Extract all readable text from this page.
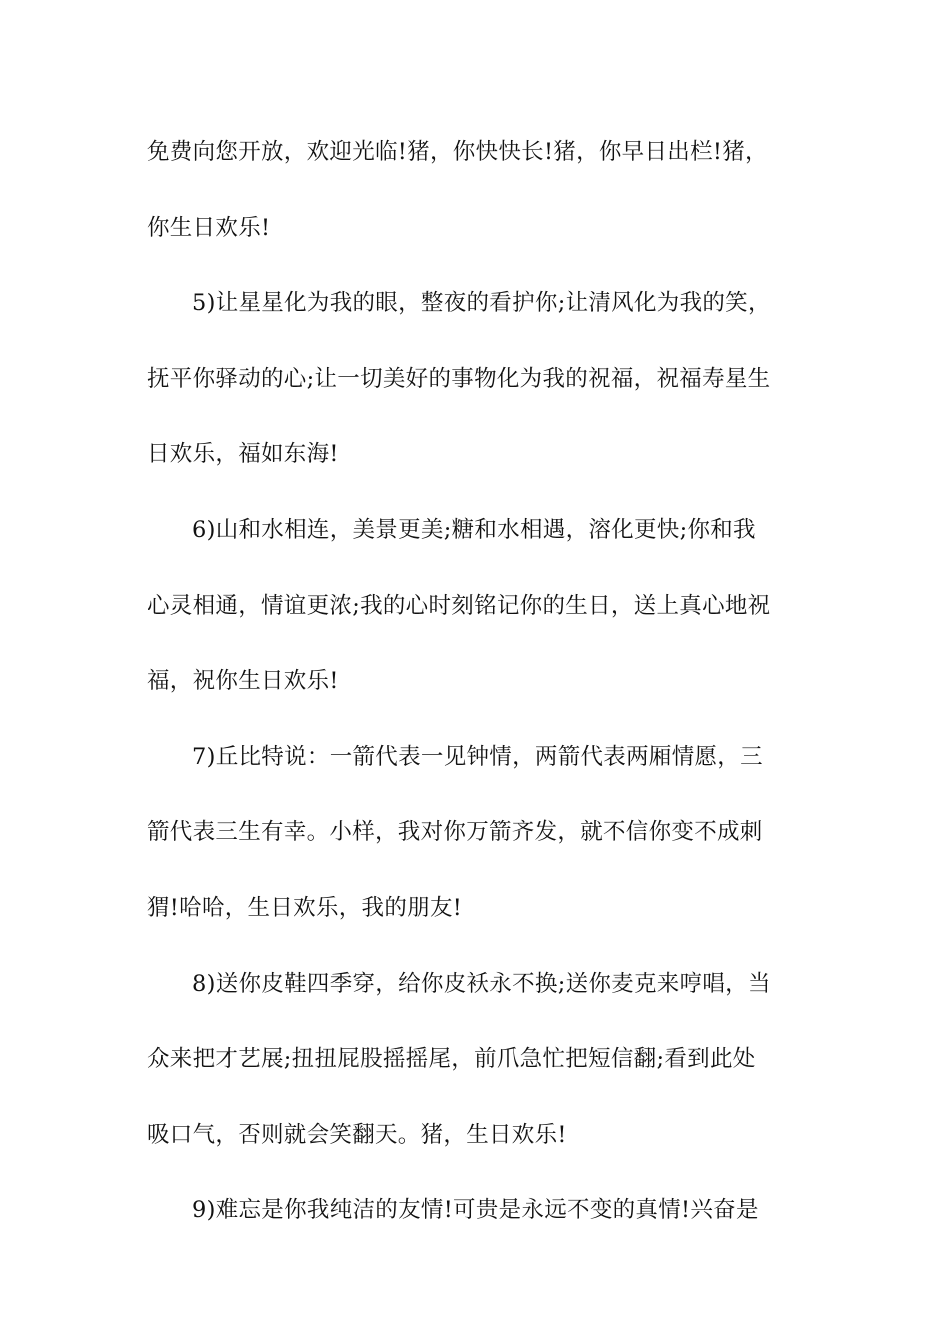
免费向您开放，欢迎光临!猪，你快快长!猪，你早日出栏!猪，
你生日欢乐!
5)让星星化为我的眼，整夜的看护你;让清风化为我的笑，
抚平你驿动的心;让一切美好的事物化为我的祝福，祝福寿星生
日欢乐，福如东海!
6)山和水相连，美景更美;糖和水相遇，溶化更快;你和我
心灵相通，情谊更浓;我的心时刻铭记你的生日，送上真心地祝
福，祝你生日欢乐!
7)丘比特说：一箭代表一见钟情，两箭代表两厢情愿，三
箭代表三生有幸。小样，我对你万箭齐发，就不信你变不成刺
猬!哈哈，生日欢乐，我的朋友!
8)送你皮鞋四季穿，给你皮袄永不换;送你麦克来哼唱，当
众来把才艺展;扭扭屁股摇摇尾，前爪急忙把短信翻;看到此处
吸口气，否则就会笑翻天。猪，生日欢乐!
9)难忘是你我纯洁的友情!可贵是永远不变的真情!兴奋是
